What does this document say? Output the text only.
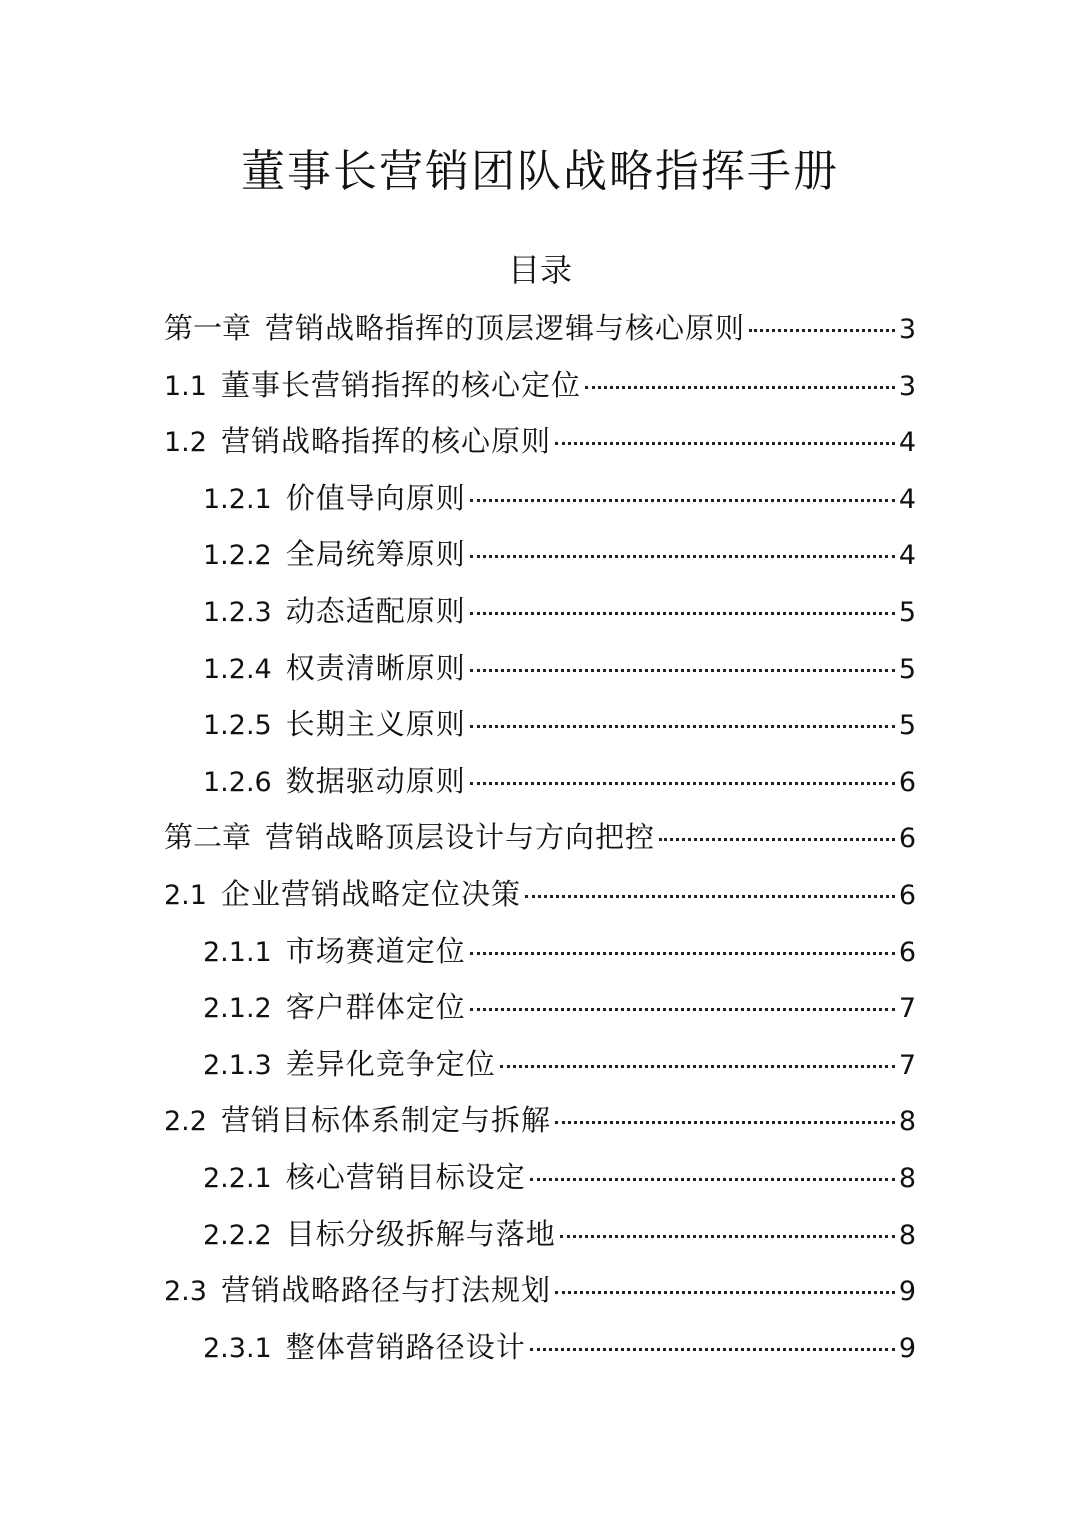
董事长营销团队战略指挥手册
目录
第一章 营销战略指挥的顶层逻辑与核心原则	3
1.1 董事长营销指挥的核心定位	3
1.2 营销战略指挥的核心原则	4
1.2.1 价值导向原则	4
1.2.2 全局统筹原则	4
1.2.3 动态适配原则	5
1.2.4 权责清晰原则	5
1.2.5 长期主义原则	5
1.2.6 数据驱动原则	6
第二章 营销战略顶层设计与方向把控	6
2.1 企业营销战略定位决策	6
2.1.1 市场赛道定位	6
2.1.2 客户群体定位	7
2.1.3 差异化竞争定位	7
2.2 营销目标体系制定与拆解	8
2.2.1 核心营销目标设定	8
2.2.2 目标分级拆解与落地	8
2.3 营销战略路径与打法规划	9
2.3.1 整体营销路径设计	9
